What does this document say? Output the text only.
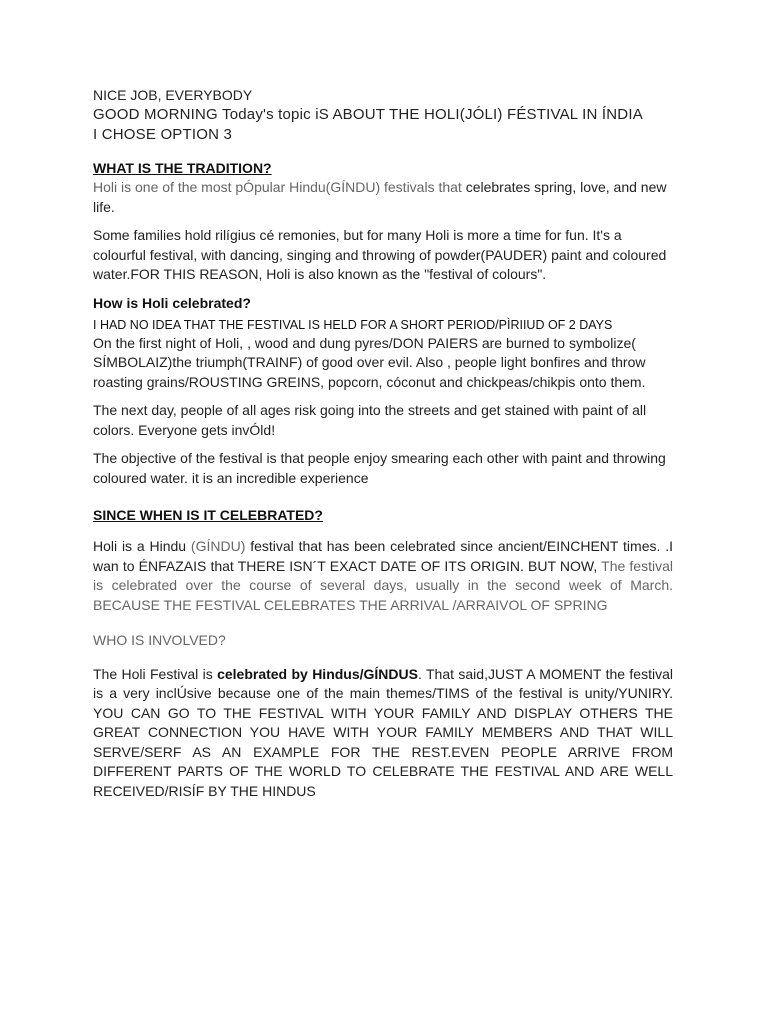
NICE JOB, EVERYBODY

GOOD MORNING Today's topic iS ABOUT THE HOLI(JÓLI) FÉSTIVAL IN ÍNDIA

I CHOSE OPTION 3

WHAT IS THE TRADITION?

Holi is one of the most pÓpular Hindu(GÍNDU) festivals that celebrates spring, love, and new life.

Some families hold rilígius cé remonies, but for many Holi is more a time for fun. It's a colourful festival, with dancing, singing and throwing of powder(PAUDER) paint and coloured water.FOR THIS REASON, Holi is also known as the "festival of colours".

How is Holi celebrated?

I HAD NO IDEA THAT THE FESTIVAL IS HELD FOR A SHORT PERIOD/PÌRIIUD OF 2 DAYS

On the first night of Holi, , wood and dung pyres/DON PAIERS are burned to symbolize( SÍMBOLAIZ)the triumph(TRAINF) of good over evil. Also , people light bonfires and throw roasting grains/ROUSTING GREINS, popcorn, cóconut and chickpeas/chikpis onto them.

The next day, people of all ages risk going into the streets and get stained with paint of all colors. Everyone gets invÓld!

The objective of the festival is that people enjoy smearing each other with paint and throwing coloured water. it is an incredible experience

SINCE WHEN IS IT CELEBRATED?

Holi is a Hindu (GÍNDU) festival that has been celebrated since ancient/EINCHENT times. .I wan to ÉNFAZAIS that THERE ISN´T EXACT DATE OF ITS ORIGIN. BUT NOW, The festival is celebrated over the course of several days, usually in the second week of March. BECAUSE THE FESTIVAL CELEBRATES THE ARRIVAL /ARRAIVOL OF SPRING

WHO IS INVOLVED?

The Holi Festival is celebrated by Hindus/GÍNDUS. That said,JUST A MOMENT the festival is a very inclÚsive because one of the main themes/TIMS of the festival is unity/YUNIRY. YOU CAN GO TO THE FESTIVAL WITH YOUR FAMILY AND DISPLAY OTHERS THE GREAT CONNECTION YOU HAVE WITH YOUR FAMILY MEMBERS AND THAT WILL SERVE/SERF AS AN EXAMPLE FOR THE REST.EVEN PEOPLE ARRIVE FROM DIFFERENT PARTS OF THE WORLD TO CELEBRATE THE FESTIVAL AND ARE WELL RECEIVED/RISÍF BY THE HINDUS
